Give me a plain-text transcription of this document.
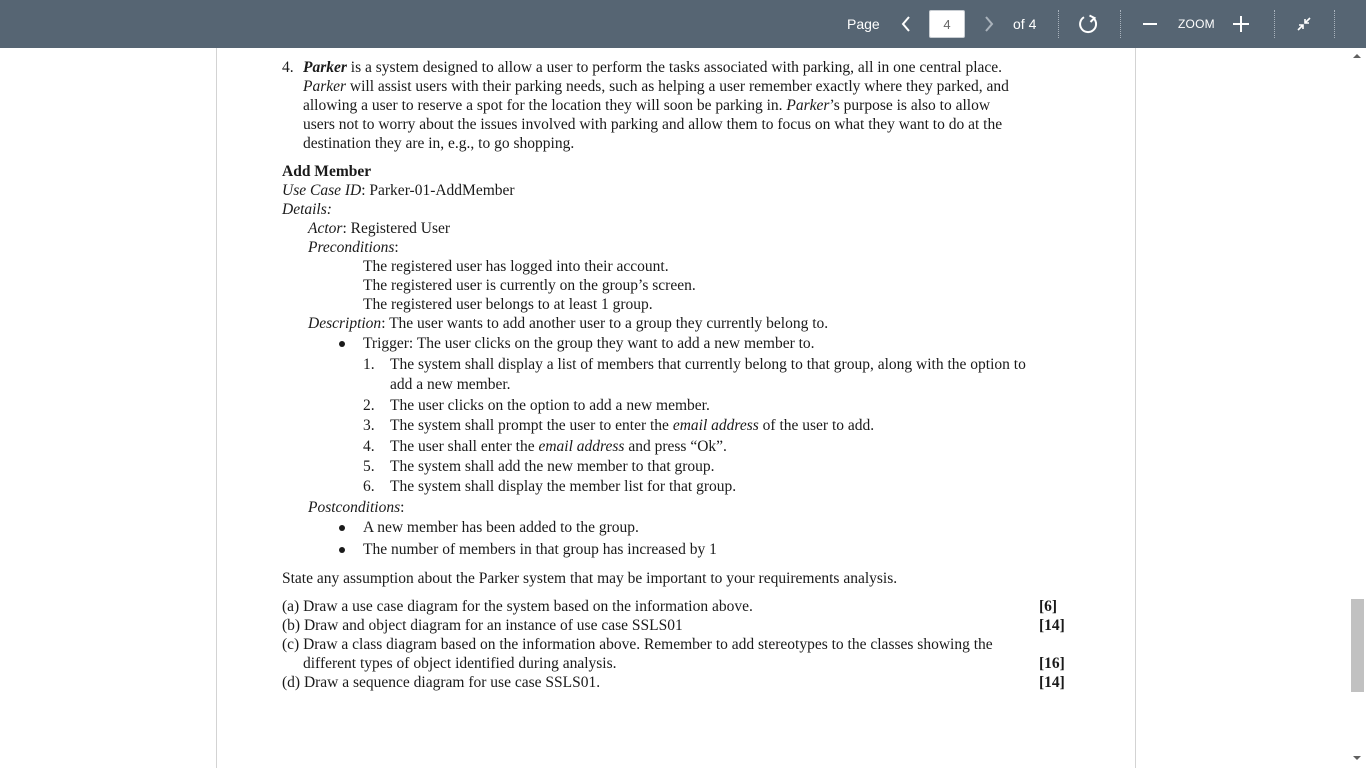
Page
4	of 4	ZOOM
4. Parker is a system designed to allow a user to perform the tasks associated with parking, all in one central place.
Parker will assist users with their parking needs, such as helping a user remember exactly where they parked, and
allowing a user to reserve a spot for the location they will soon be parking in. Parker’s purpose is also to allow
users not to worry about the issues involved with parking and allow them to focus on what they want to do at the
destination they are in, e.g., to go shopping.
Add Member
Use Case ID: Parker-01-AddMember
Details:
Actor: Registered User
Preconditions:
The registered user has logged into their account.
The registered user is currently on the group’s screen.
The registered user belongs to at least 1 group.
Description: The user wants to add another user to a group they currently belong to.
Trigger: The user clicks on the group they want to add a new member to.
1. The system shall display a list of members that currently belong to that group, along with the option to
add a new member.
2. The user clicks on the option to add a new member.
3. The system shall prompt the user to enter the email address of the user to add.
4. The user shall enter the email address and press “Ok”.
5. The system shall add the new member to that group.
6. The system shall display the member list for that group.
Postconditions:
A new member has been added to the group.
The number of members in that group has increased by 1
State any assumption about the Parker system that may be important to your requirements analysis.
(a) Draw a use case diagram for the system based on the information above.
(b) Draw and object diagram for an instance of use case SSLS01
(c) Draw a class diagram based on the information above. Remember to add stereotypes to the classes showing the
different types of object identified during analysis.
(d) Draw a sequence diagram for use case SSLS01.
[6]
[14]
[16]
[14]
